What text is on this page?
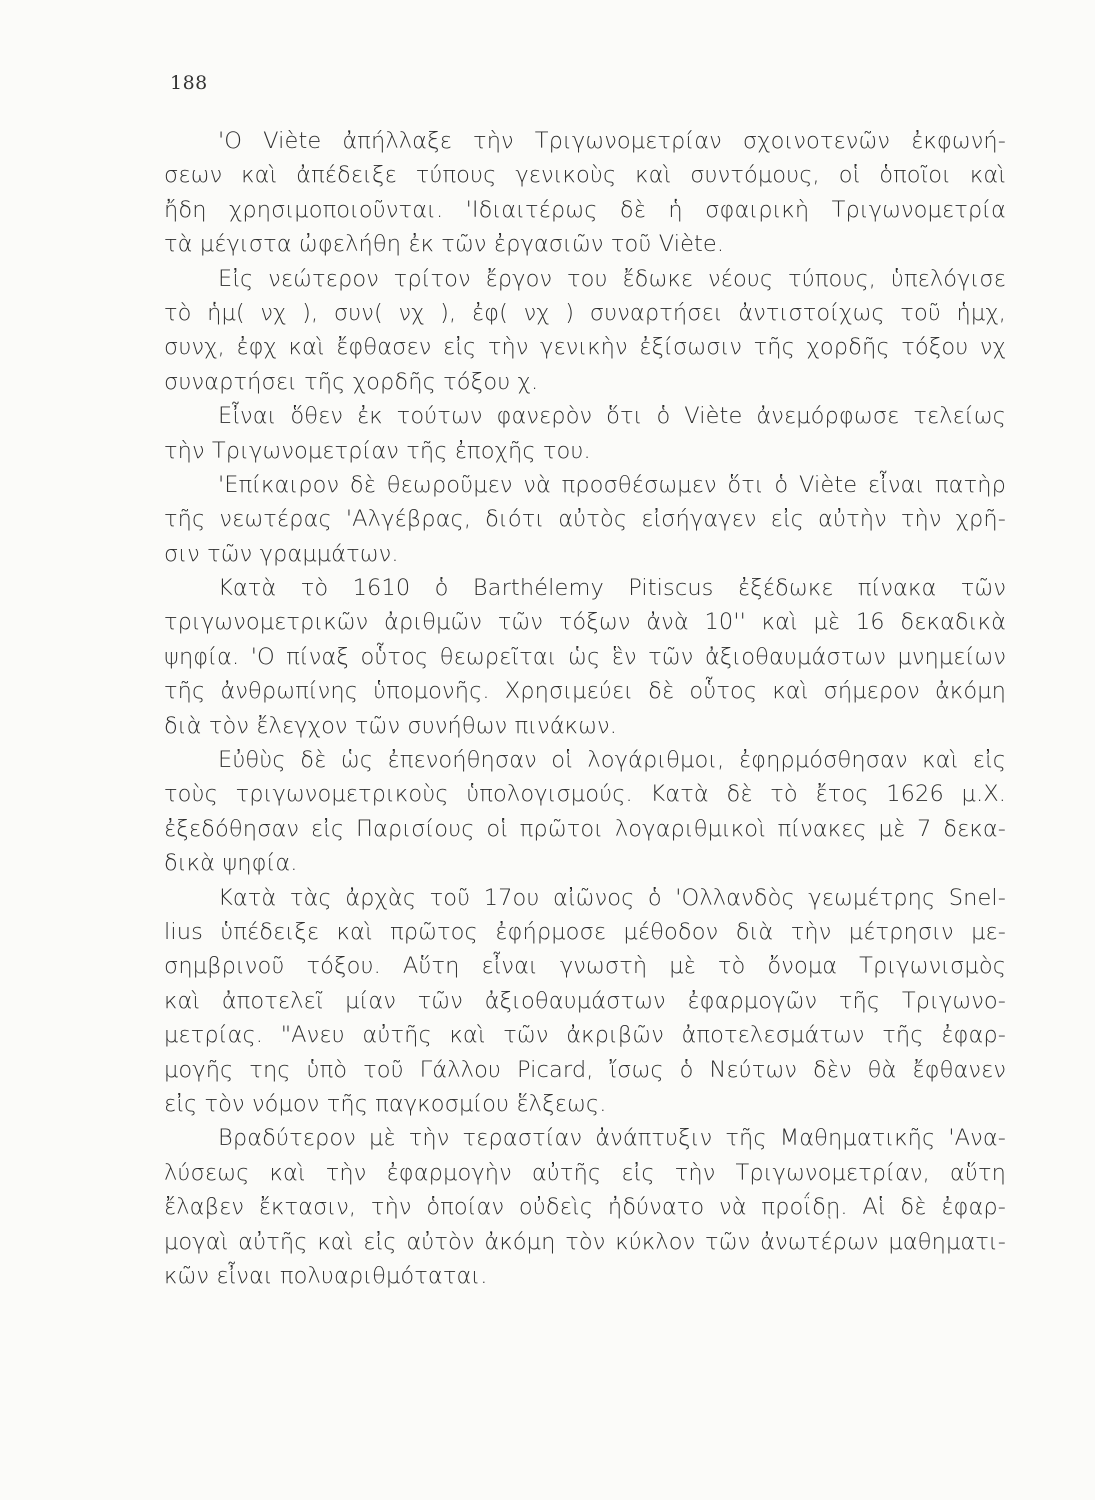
188
'Ο Viète ἀπήλλαξε τὴν Τριγωνομετρίαν σχοινοτενῶν ἐκφωνή-
σεων καὶ ἀπέδειξε τύπους γενικοὺς καὶ συντόμους, οἱ ὁποῖοι καὶ
ἤδη χρησιμοποιοῦνται. 'Ιδιαιτέρως δὲ ἡ σφαιρικὴ Τριγωνομετρία
τὰ μέγιστα ὠφελήθη ἐκ τῶν ἐργασιῶν τοῦ Viète.
Εἰς νεώτερον τρίτον ἔργον του ἔδωκε νέους τύπους, ὑπελόγισε
τὸ ἡμ( νχ ), συν( νχ ), ἐφ( νχ ) συναρτήσει ἀντιστοίχως τοῦ ἡμχ,
συνχ, ἐφχ καὶ ἔφθασεν εἰς τὴν γενικὴν ἐξίσωσιν τῆς χορδῆς τόξου νχ
συναρτήσει τῆς χορδῆς τόξου χ.
Εἶναι ὅθεν ἐκ τούτων φανερὸν ὅτι ὁ Viète ἀνεμόρφωσε τελείως
τὴν Τριγωνομετρίαν τῆς ἐποχῆς του.
'Επίκαιρον δὲ θεωροῦμεν νὰ προσθέσωμεν ὅτι ὁ Viète εἶναι πατὴρ
τῆς νεωτέρας 'Αλγέβρας, διότι αὐτὸς εἰσήγαγεν εἰς αὐτὴν τὴν χρῆ-
σιν τῶν γραμμάτων.
Κατὰ τὸ 1610 ὁ Barthélemy Pitiscus ἐξέδωκε πίνακα τῶν
τριγωνομετρικῶν ἀριθμῶν τῶν τόξων ἀνὰ 10'' καὶ μὲ 16 δεκαδικὰ
ψηφία. 'Ο πίναξ οὗτος θεωρεῖται ὡς ἓν τῶν ἀξιοθαυμάστων μνημείων
τῆς ἀνθρωπίνης ὑπομονῆς. Χρησιμεύει δὲ οὗτος καὶ σήμερον ἀκόμη
διὰ τὸν ἔλεγχον τῶν συνήθων πινάκων.
Εὐθὺς δὲ ὡς ἐπενοήθησαν οἱ λογάριθμοι, ἐφηρμόσθησαν καὶ εἰς
τοὺς τριγωνομετρικοὺς ὑπολογισμούς. Κατὰ δὲ τὸ ἔτος 1626 μ.Χ.
ἐξεδόθησαν εἰς Παρισίους οἱ πρῶτοι λογαριθμικοὶ πίνακες μὲ 7 δεκα-
δικὰ ψηφία.
Κατὰ τὰς ἀρχὰς τοῦ 17ου αἰῶνος ὁ 'Ολλανδὸς γεωμέτρης Snel-
lius ὑπέδειξε καὶ πρῶτος ἐφήρμοσε μέθοδον διὰ τὴν μέτρησιν με-
σημβρινοῦ τόξου. Αὕτη εἶναι γνωστὴ μὲ τὸ ὄνομα Τριγωνισμὸς
καὶ ἀποτελεῖ μίαν τῶν ἀξιοθαυμάστων ἐφαρμογῶν τῆς Τριγωνο-
μετρίας. "Ανευ αὐτῆς καὶ τῶν ἀκριβῶν ἀποτελεσμάτων τῆς ἐφαρ-
μογῆς της ὑπὸ τοῦ Γάλλου Picard, ἴσως ὁ Νεύτων δὲν θὰ ἔφθανεν
εἰς τὸν νόμον τῆς παγκοσμίου ἕλξεως.
Βραδύτερον μὲ τὴν τεραστίαν ἀνάπτυξιν τῆς Μαθηματικῆς 'Ανα-
λύσεως καὶ τὴν ἐφαρμογὴν αὐτῆς εἰς τὴν Τριγωνομετρίαν, αὕτη
ἔλαβεν ἔκτασιν, τὴν ὁποίαν οὐδεὶς ἠδύνατο νὰ προΐδῃ. Αἱ δὲ ἐφαρ-
μογαὶ αὐτῆς καὶ εἰς αὐτὸν ἀκόμη τὸν κύκλον τῶν ἀνωτέρων μαθηματι-
κῶν εἶναι πολυαριθμόταται.
